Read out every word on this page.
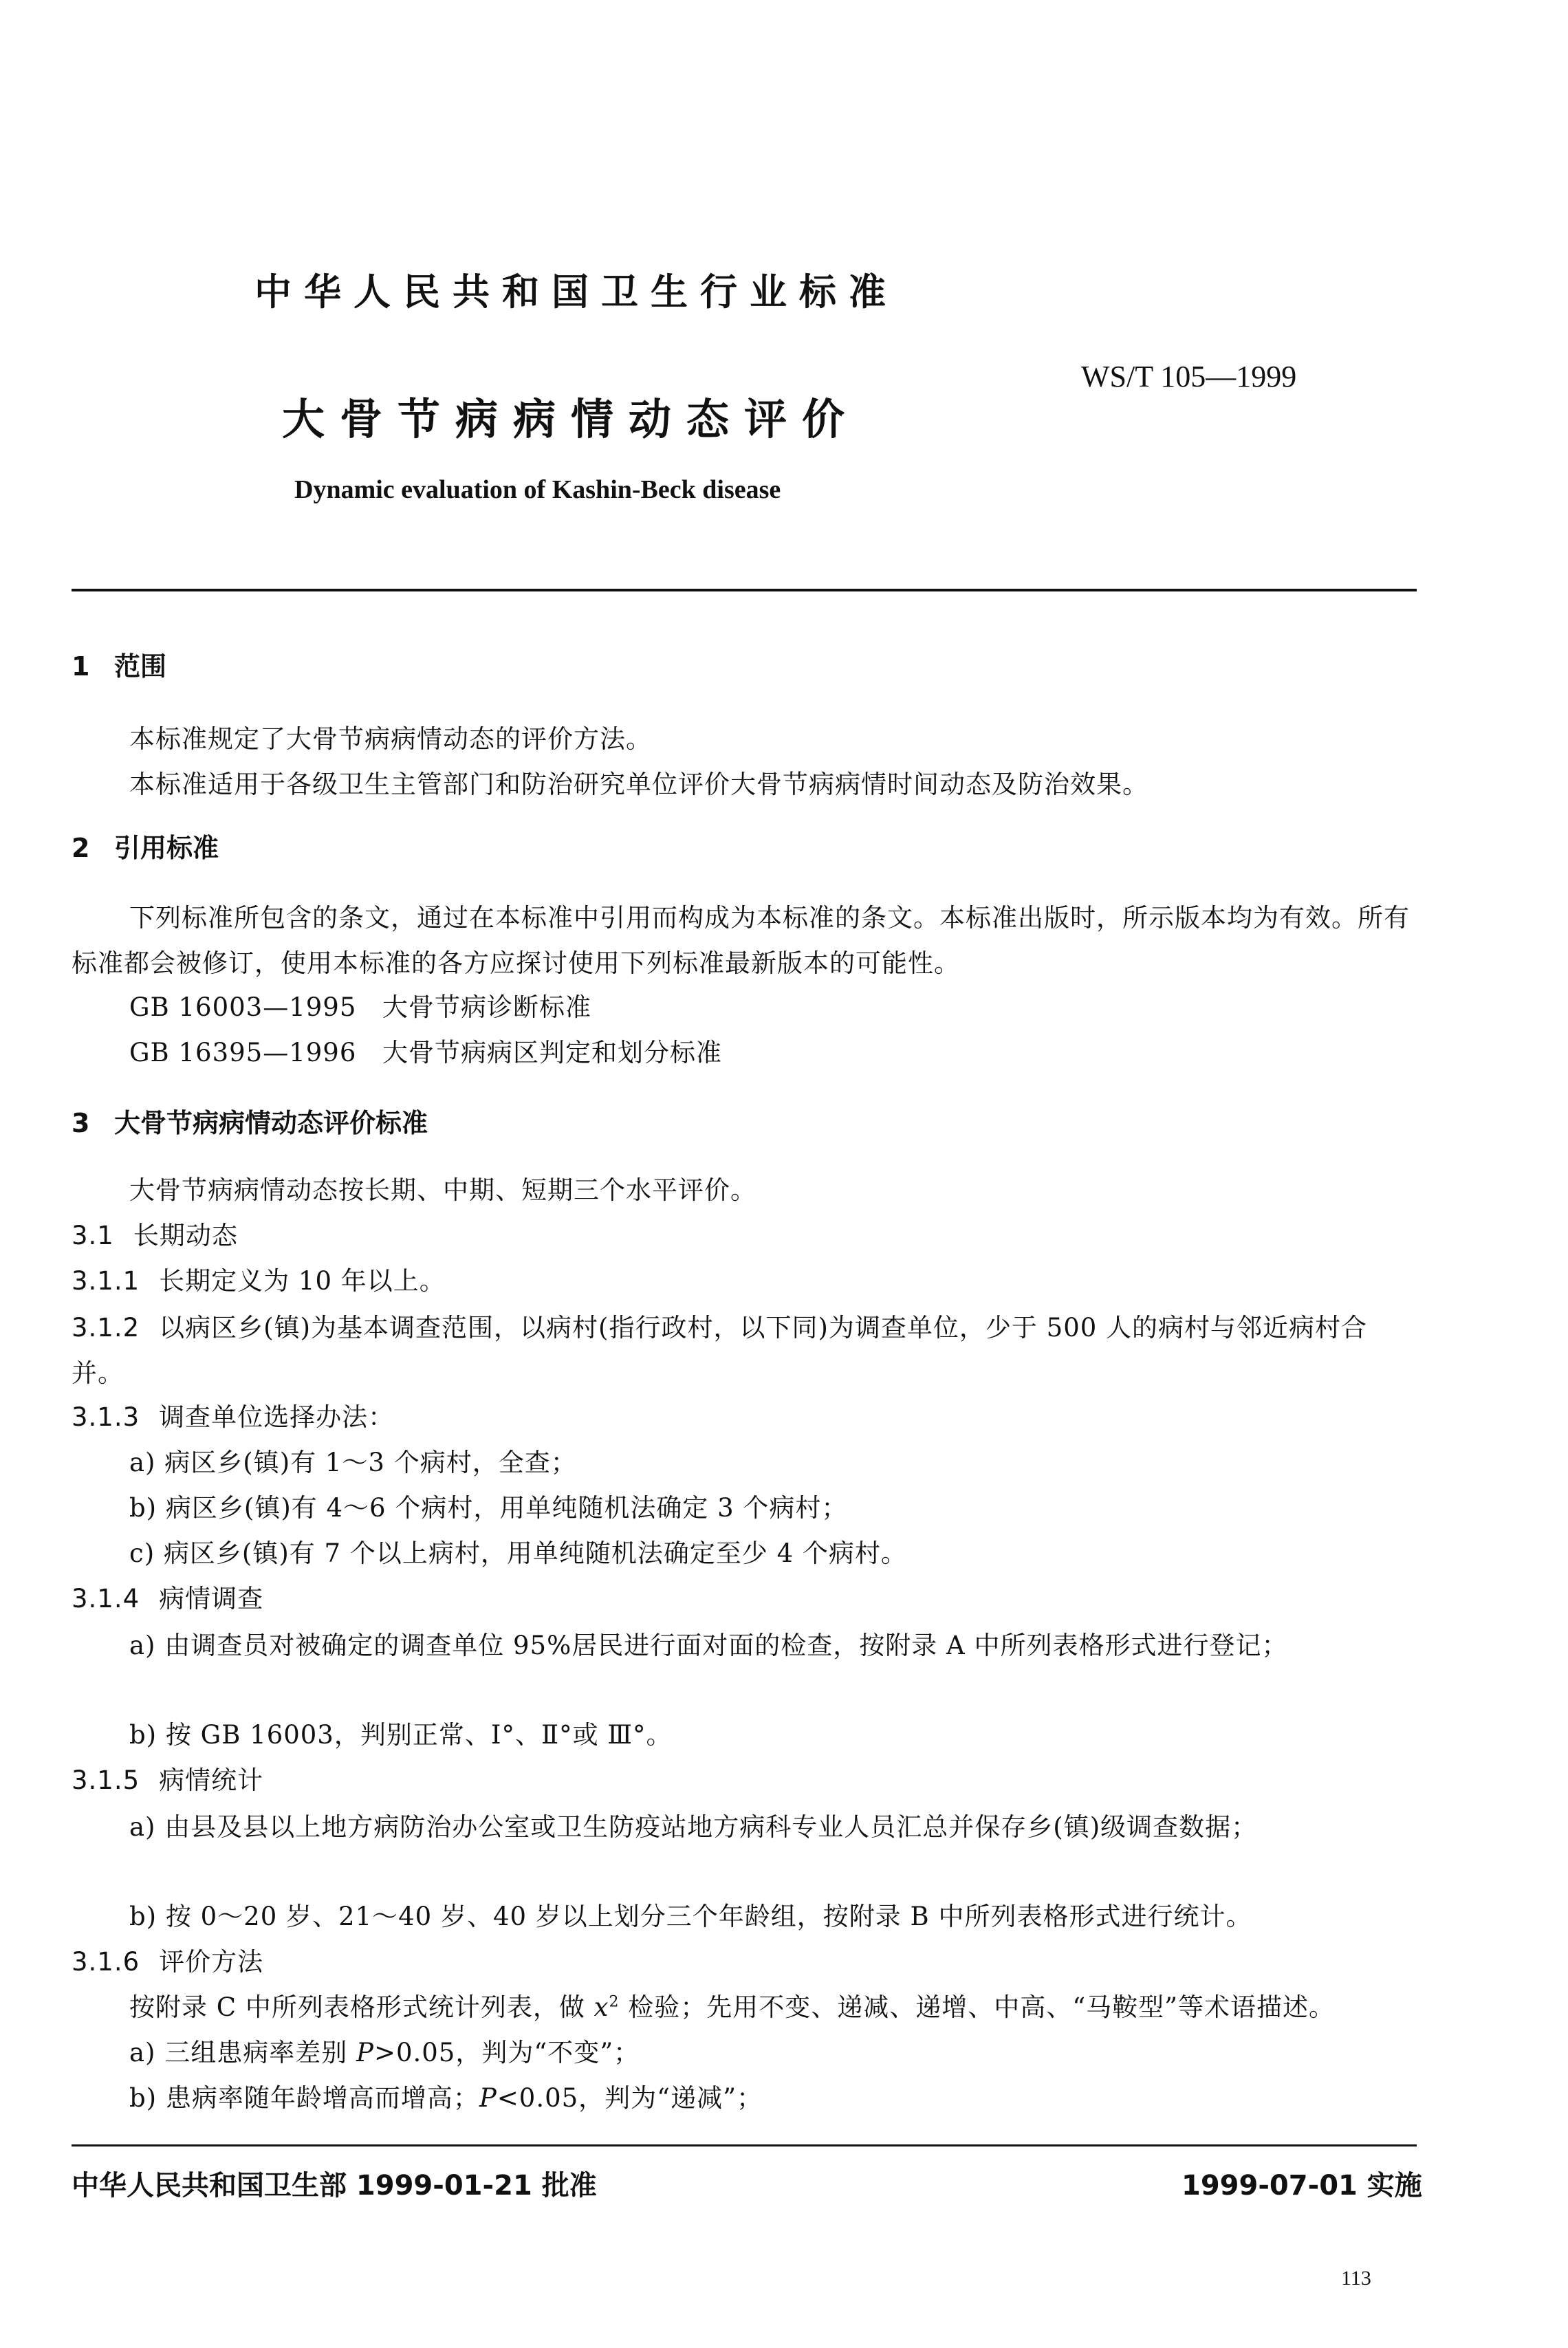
中华人民共和国卫生行业标准
WS/T 105—1999
大骨节病病情动态评价
Dynamic evaluation of Kashin-Beck disease
1 范围
本标准规定了大骨节病病情动态的评价方法。
本标准适用于各级卫生主管部门和防治研究单位评价大骨节病病情时间动态及防治效果。
2 引用标准
下列标准所包含的条文，通过在本标准中引用而构成为本标准的条文。本标准出版时，所示版本均为有效。所有标准都会被修订，使用本标准的各方应探讨使用下列标准最新版本的可能性。
GB 16003—1995 大骨节病诊断标准
GB 16395—1996 大骨节病病区判定和划分标准
3 大骨节病病情动态评价标准
大骨节病病情动态按长期、中期、短期三个水平评价。
3.1 长期动态
3.1.1 长期定义为 10 年以上。
3.1.2 以病区乡(镇)为基本调查范围，以病村(指行政村，以下同)为调查单位，少于 500 人的病村与邻近病村合并。
3.1.3 调查单位选择办法：
a) 病区乡(镇)有 1～3 个病村，全查；
b) 病区乡(镇)有 4～6 个病村，用单纯随机法确定 3 个病村；
c) 病区乡(镇)有 7 个以上病村，用单纯随机法确定至少 4 个病村。
3.1.4 病情调查
a) 由调查员对被确定的调查单位 95%居民进行面对面的检查，按附录 A 中所列表格形式进行登记；
b) 按 GB 16003，判别正常、Ⅰ°、Ⅱ°或 Ⅲ°。
3.1.5 病情统计
a) 由县及县以上地方病防治办公室或卫生防疫站地方病科专业人员汇总并保存乡(镇)级调查数据；
b) 按 0～20 岁、21～40 岁、40 岁以上划分三个年龄组，按附录 B 中所列表格形式进行统计。
3.1.6 评价方法
按附录 C 中所列表格形式统计列表，做 $x^2$ 检验；先用不变、递减、递增、中高、“马鞍型”等术语描述。
a) 三组患病率差别 P>0.05，判为“不变”；
b) 患病率随年龄增高而增高；P<0.05，判为“递减”；
中华人民共和国卫生部 1999-01-21 批准	1999-07-01 实施
113
